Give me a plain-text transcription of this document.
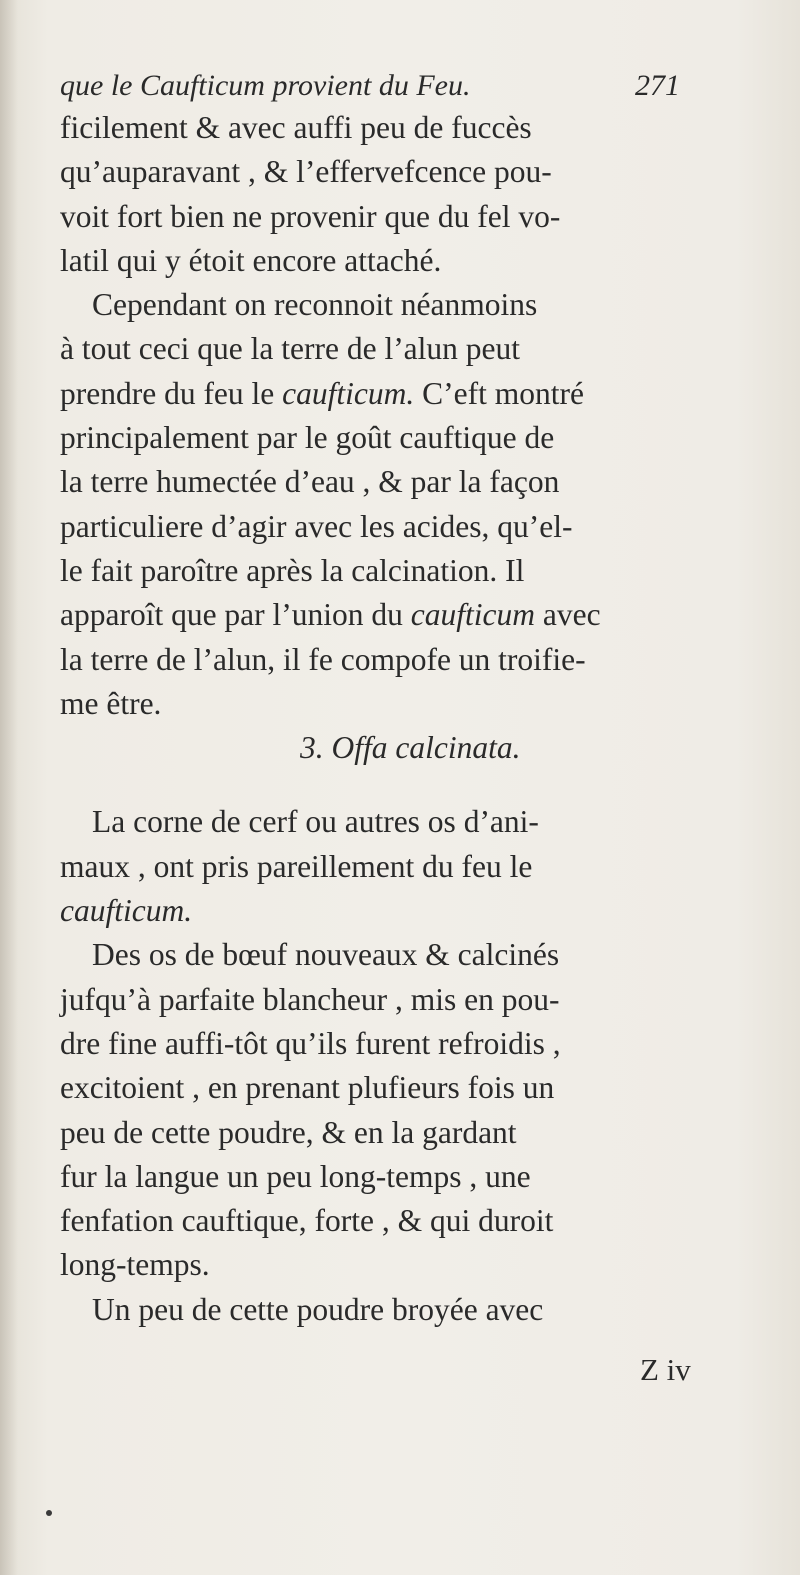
que le Caufticum provient du Feu.	271
ficilement & avec auffi peu de fuccès
qu’auparavant , & l’effervefcence pou-
voit fort bien ne provenir que du fel vo-
latil qui y étoit encore attaché.
Cependant on reconnoit néanmoins
à tout ceci que la terre de l’alun peut
prendre du feu le caufticum. C’eft montré
principalement par le goût cauftique de
la terre humectée d’eau , & par la façon
particuliere d’agir avec les acides, qu’el-
le fait paroître après la calcination. Il
apparoît que par l’union du caufticum avec
la terre de l’alun, il fe compofe un troifie-
me être.
3. Offa calcinata.
La corne de cerf ou autres os d’ani-
maux , ont pris pareillement du feu le
caufticum.
Des os de bœuf nouveaux & calcinés
jufqu’à parfaite blancheur , mis en pou-
dre fine auffi-tôt qu’ils furent refroidis ,
excitoient , en prenant plufieurs fois un
peu de cette poudre, & en la gardant
fur la langue un peu long-temps , une
fenfation cauftique, forte , & qui duroit
long-temps.
Un peu de cette poudre broyée avec
Z iv
